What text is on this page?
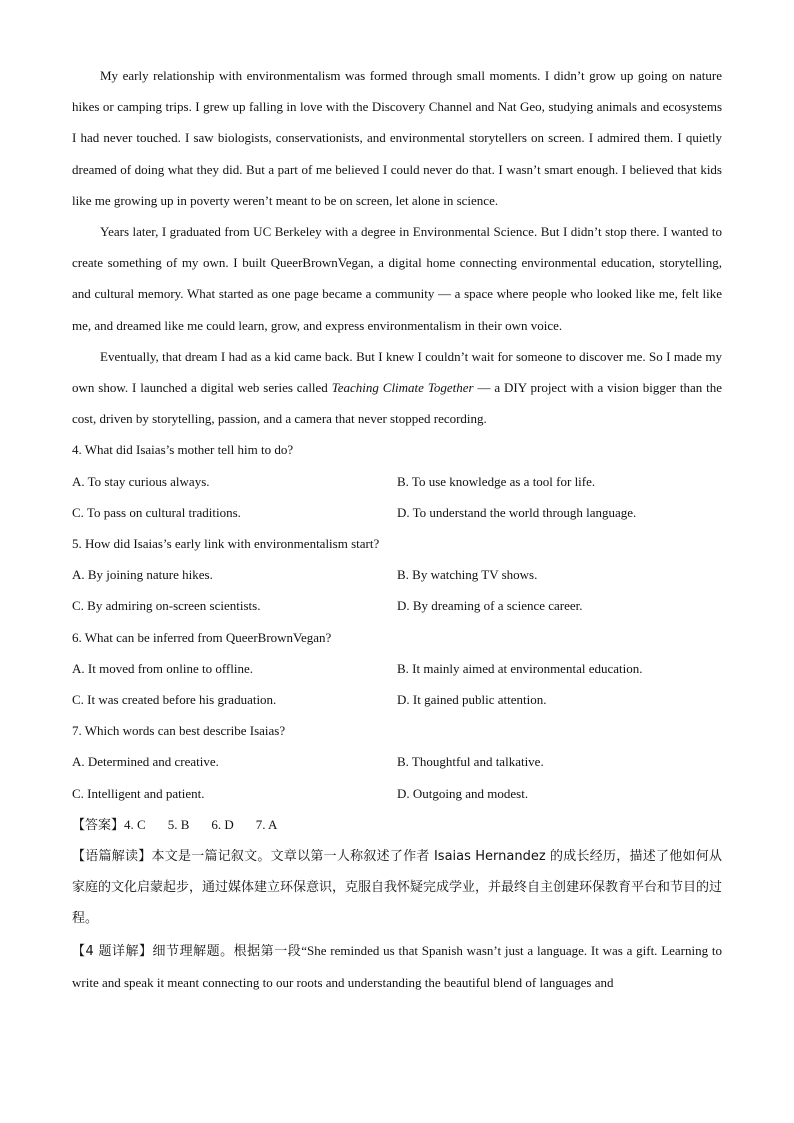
My early relationship with environmentalism was formed through small moments. I didn’t grow up going on nature hikes or camping trips. I grew up falling in love with the Discovery Channel and Nat Geo, studying animals and ecosystems I had never touched. I saw biologists, conservationists, and environmental storytellers on screen. I admired them. I quietly dreamed of doing what they did. But a part of me believed I could never do that. I wasn’t smart enough. I believed that kids like me growing up in poverty weren’t meant to be on screen, let alone in science.

Years later, I graduated from UC Berkeley with a degree in Environmental Science. But I didn’t stop there. I wanted to create something of my own. I built QueerBrownVegan, a digital home connecting environmental education, storytelling, and cultural memory. What started as one page became a community — a space where people who looked like me, felt like me, and dreamed like me could learn, grow, and express environmentalism in their own voice.

Eventually, that dream I had as a kid came back. But I knew I couldn’t wait for someone to discover me. So I made my own show. I launched a digital web series called Teaching Climate Together — a DIY project with a vision bigger than the cost, driven by storytelling, passion, and a camera that never stopped recording.

4. What did Isaias’s mother tell him to do?

A. To stay curious always.	B. To use knowledge as a tool for life.
C. To pass on cultural traditions.	D. To understand the world through language.

5. How did Isaias’s early link with environmentalism start?

A. By joining nature hikes.	B. By watching TV shows.
C. By admiring on-screen scientists.	D. By dreaming of a science career.

6. What can be inferred from QueerBrownVegan?

A. It moved from online to offline.	B. It mainly aimed at environmental education.
C. It was created before his graduation.	D. It gained public attention.

7. Which words can best describe Isaias?

A. Determined and creative.	B. Thoughtful and talkative.
C. Intelligent and patient.	D. Outgoing and modest.

【答案】4. C 5. B 6. D 7. A

【语篇解读】本文是一篇记叙文。文章以第一人称叙述了作者 Isaias Hernandez 的成长经历，描述了他如何从家庭的文化启蒙起步，通过媒体建立环保意识，克服自我怀疑完成学业，并最终自主创建环保教育平台和节目的过程。

【4 题详解】细节理解题。根据第一段“She reminded us that Spanish wasn’t just a language. It was a gift. Learning to write and speak it meant connecting to our roots and understanding the beautiful blend of languages and
